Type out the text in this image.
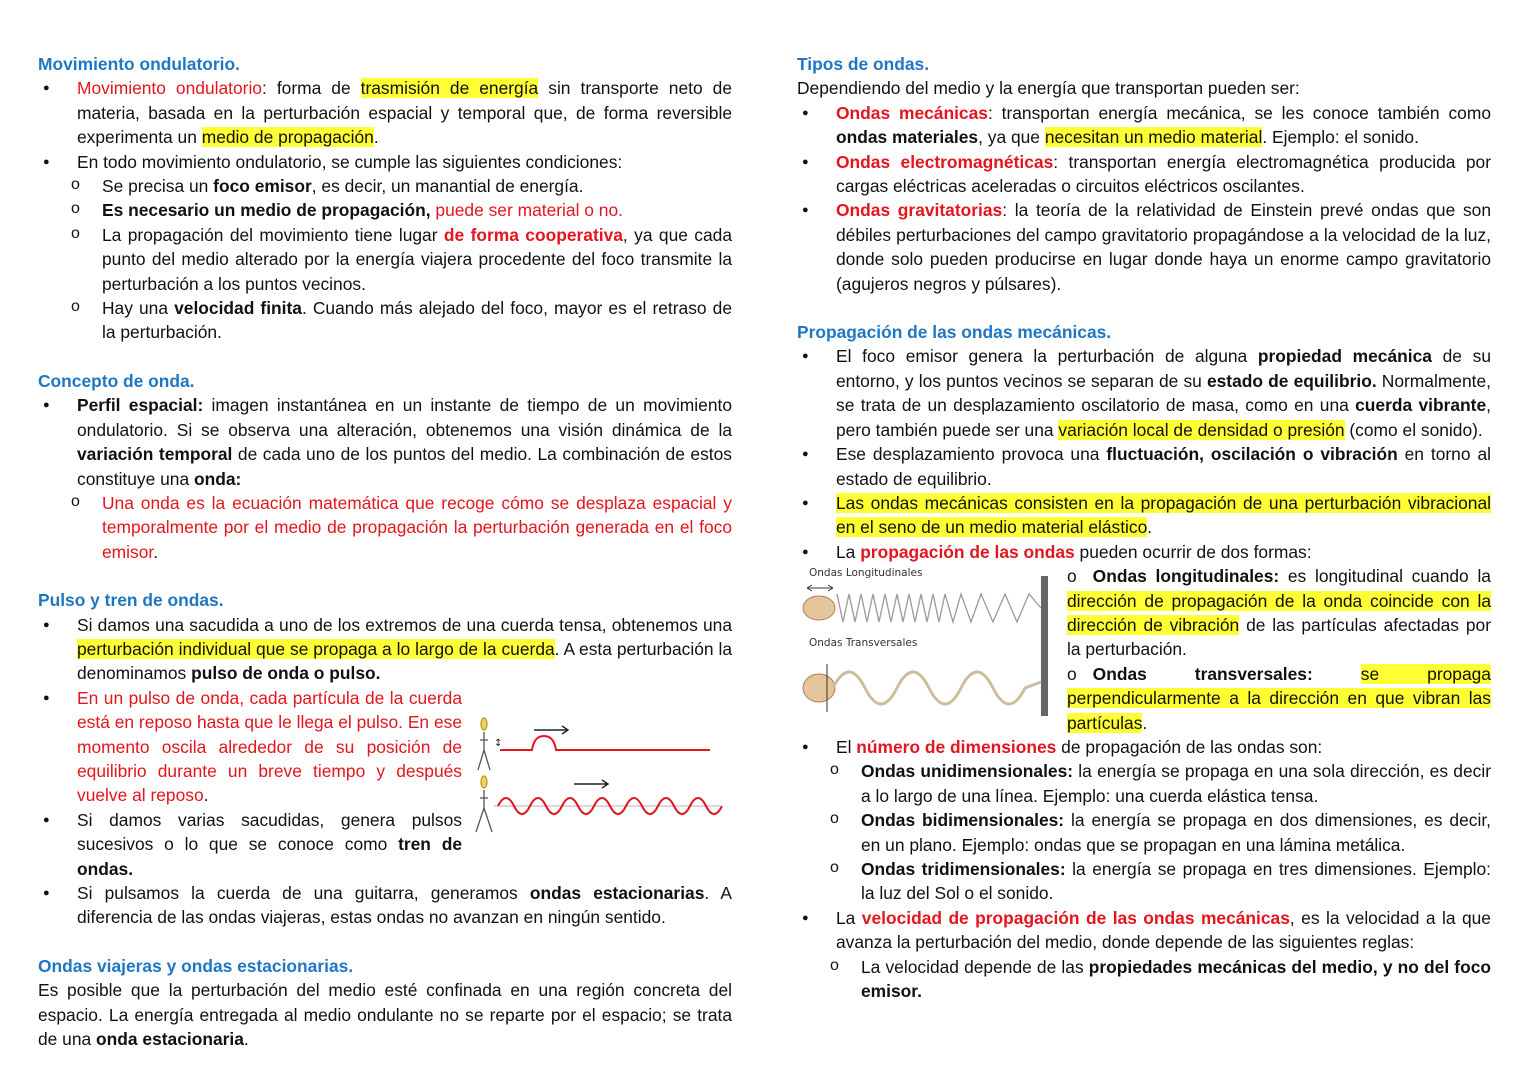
Movimiento ondulatorio.

● Movimiento ondulatorio: forma de trasmisión de energía sin transporte neto de materia, basada en la perturbación espacial y temporal que, de forma reversible experimenta un medio de propagación.

● En todo movimiento ondulatorio, se cumple las siguientes condiciones:

o Se precisa un foco emisor, es decir, un manantial de energía.

o Es necesario un medio de propagación, puede ser material o no.

o La propagación del movimiento tiene lugar de forma cooperativa, ya que cada punto del medio alterado por la energía viajera procedente del foco transmite la perturbación a los puntos vecinos.

o Hay una velocidad finita. Cuando más alejado del foco, mayor es el retraso de la perturbación.

Concepto de onda.

● Perfil espacial: imagen instantánea en un instante de tiempo de un movimiento ondulatorio. Si se observa una alteración, obtenemos una visión dinámica de la variación temporal de cada uno de los puntos del medio. La combinación de estos constituye una onda:

o Una onda es la ecuación matemática que recoge cómo se desplaza espacial y temporalmente por el medio de propagación la perturbación generada en el foco emisor.

Pulso y tren de ondas.

● Si damos una sacudida a uno de los extremos de una cuerda tensa, obtenemos una perturbación individual que se propaga a lo largo de la cuerda. A esta perturbación la denominamos pulso de onda o pulso.

↕

● En un pulso de onda, cada partícula de la cuerda está en reposo hasta que le llega el pulso. En ese momento oscila alrededor de su posición de equilibrio durante un breve tiempo y después vuelve al reposo.

● Si damos varias sacudidas, genera pulsos sucesivos o lo que se conoce como tren de ondas.

● Si pulsamos la cuerda de una guitarra, generamos ondas estacionarias. A diferencia de las ondas viajeras, estas ondas no avanzan en ningún sentido.

Ondas viajeras y ondas estacionarias.

Es posible que la perturbación del medio esté confinada en una región concreta del espacio. La energía entregada al medio ondulante no se reparte por el espacio; se trata de una onda estacionaria.

Tipos de ondas.

Dependiendo del medio y la energía que transportan pueden ser:

● Ondas mecánicas: transportan energía mecánica, se les conoce también como ondas materiales, ya que necesitan un medio material. Ejemplo: el sonido.

● Ondas electromagnéticas: transportan energía electromagnética producida por cargas eléctricas aceleradas o circuitos eléctricos oscilantes.

● Ondas gravitatorias: la teoría de la relatividad de Einstein prevé ondas que son débiles perturbaciones del campo gravitatorio propagándose a la velocidad de la luz, donde solo pueden producirse en lugar donde haya un enorme campo gravitatorio (agujeros negros y púlsares).

Propagación de las ondas mecánicas.

● El foco emisor genera la perturbación de alguna propiedad mecánica de su entorno, y los puntos vecinos se separan de su estado de equilibrio. Normalmente, se trata de un desplazamiento oscilatorio de masa, como en una cuerda vibrante, pero también puede ser una variación local de densidad o presión (como el sonido).

● Ese desplazamiento provoca una fluctuación, oscilación o vibración en torno al estado de equilibrio.

● Las ondas mecánicas consisten en la propagación de una perturbación vibracional en el seno de un medio material elástico.

● La propagación de las ondas pueden ocurrir de dos formas:

Ondas Longitudinales
Ondas Transversales

o Ondas longitudinales: es longitudinal cuando la dirección de propagación de la onda coincide con la dirección de vibración de las partículas afectadas por la perturbación.

o Ondas transversales:	se propaga perpendicularmente a la dirección en que vibran las partículas.

● El número de dimensiones de propagación de las ondas son:

o Ondas unidimensionales: la energía se propaga en una sola dirección, es decir a lo largo de una línea. Ejemplo: una cuerda elástica tensa.

o Ondas bidimensionales: la energía se propaga en dos dimensiones, es decir, en un plano. Ejemplo: ondas que se propagan en una lámina metálica.

o Ondas tridimensionales: la energía se propaga en tres dimensiones. Ejemplo: la luz del Sol o el sonido.

● La velocidad de propagación de las ondas mecánicas, es la velocidad a la que avanza la perturbación del medio, donde depende de las siguientes reglas:

o La velocidad depende de las propiedades mecánicas del medio, y no del foco emisor.
